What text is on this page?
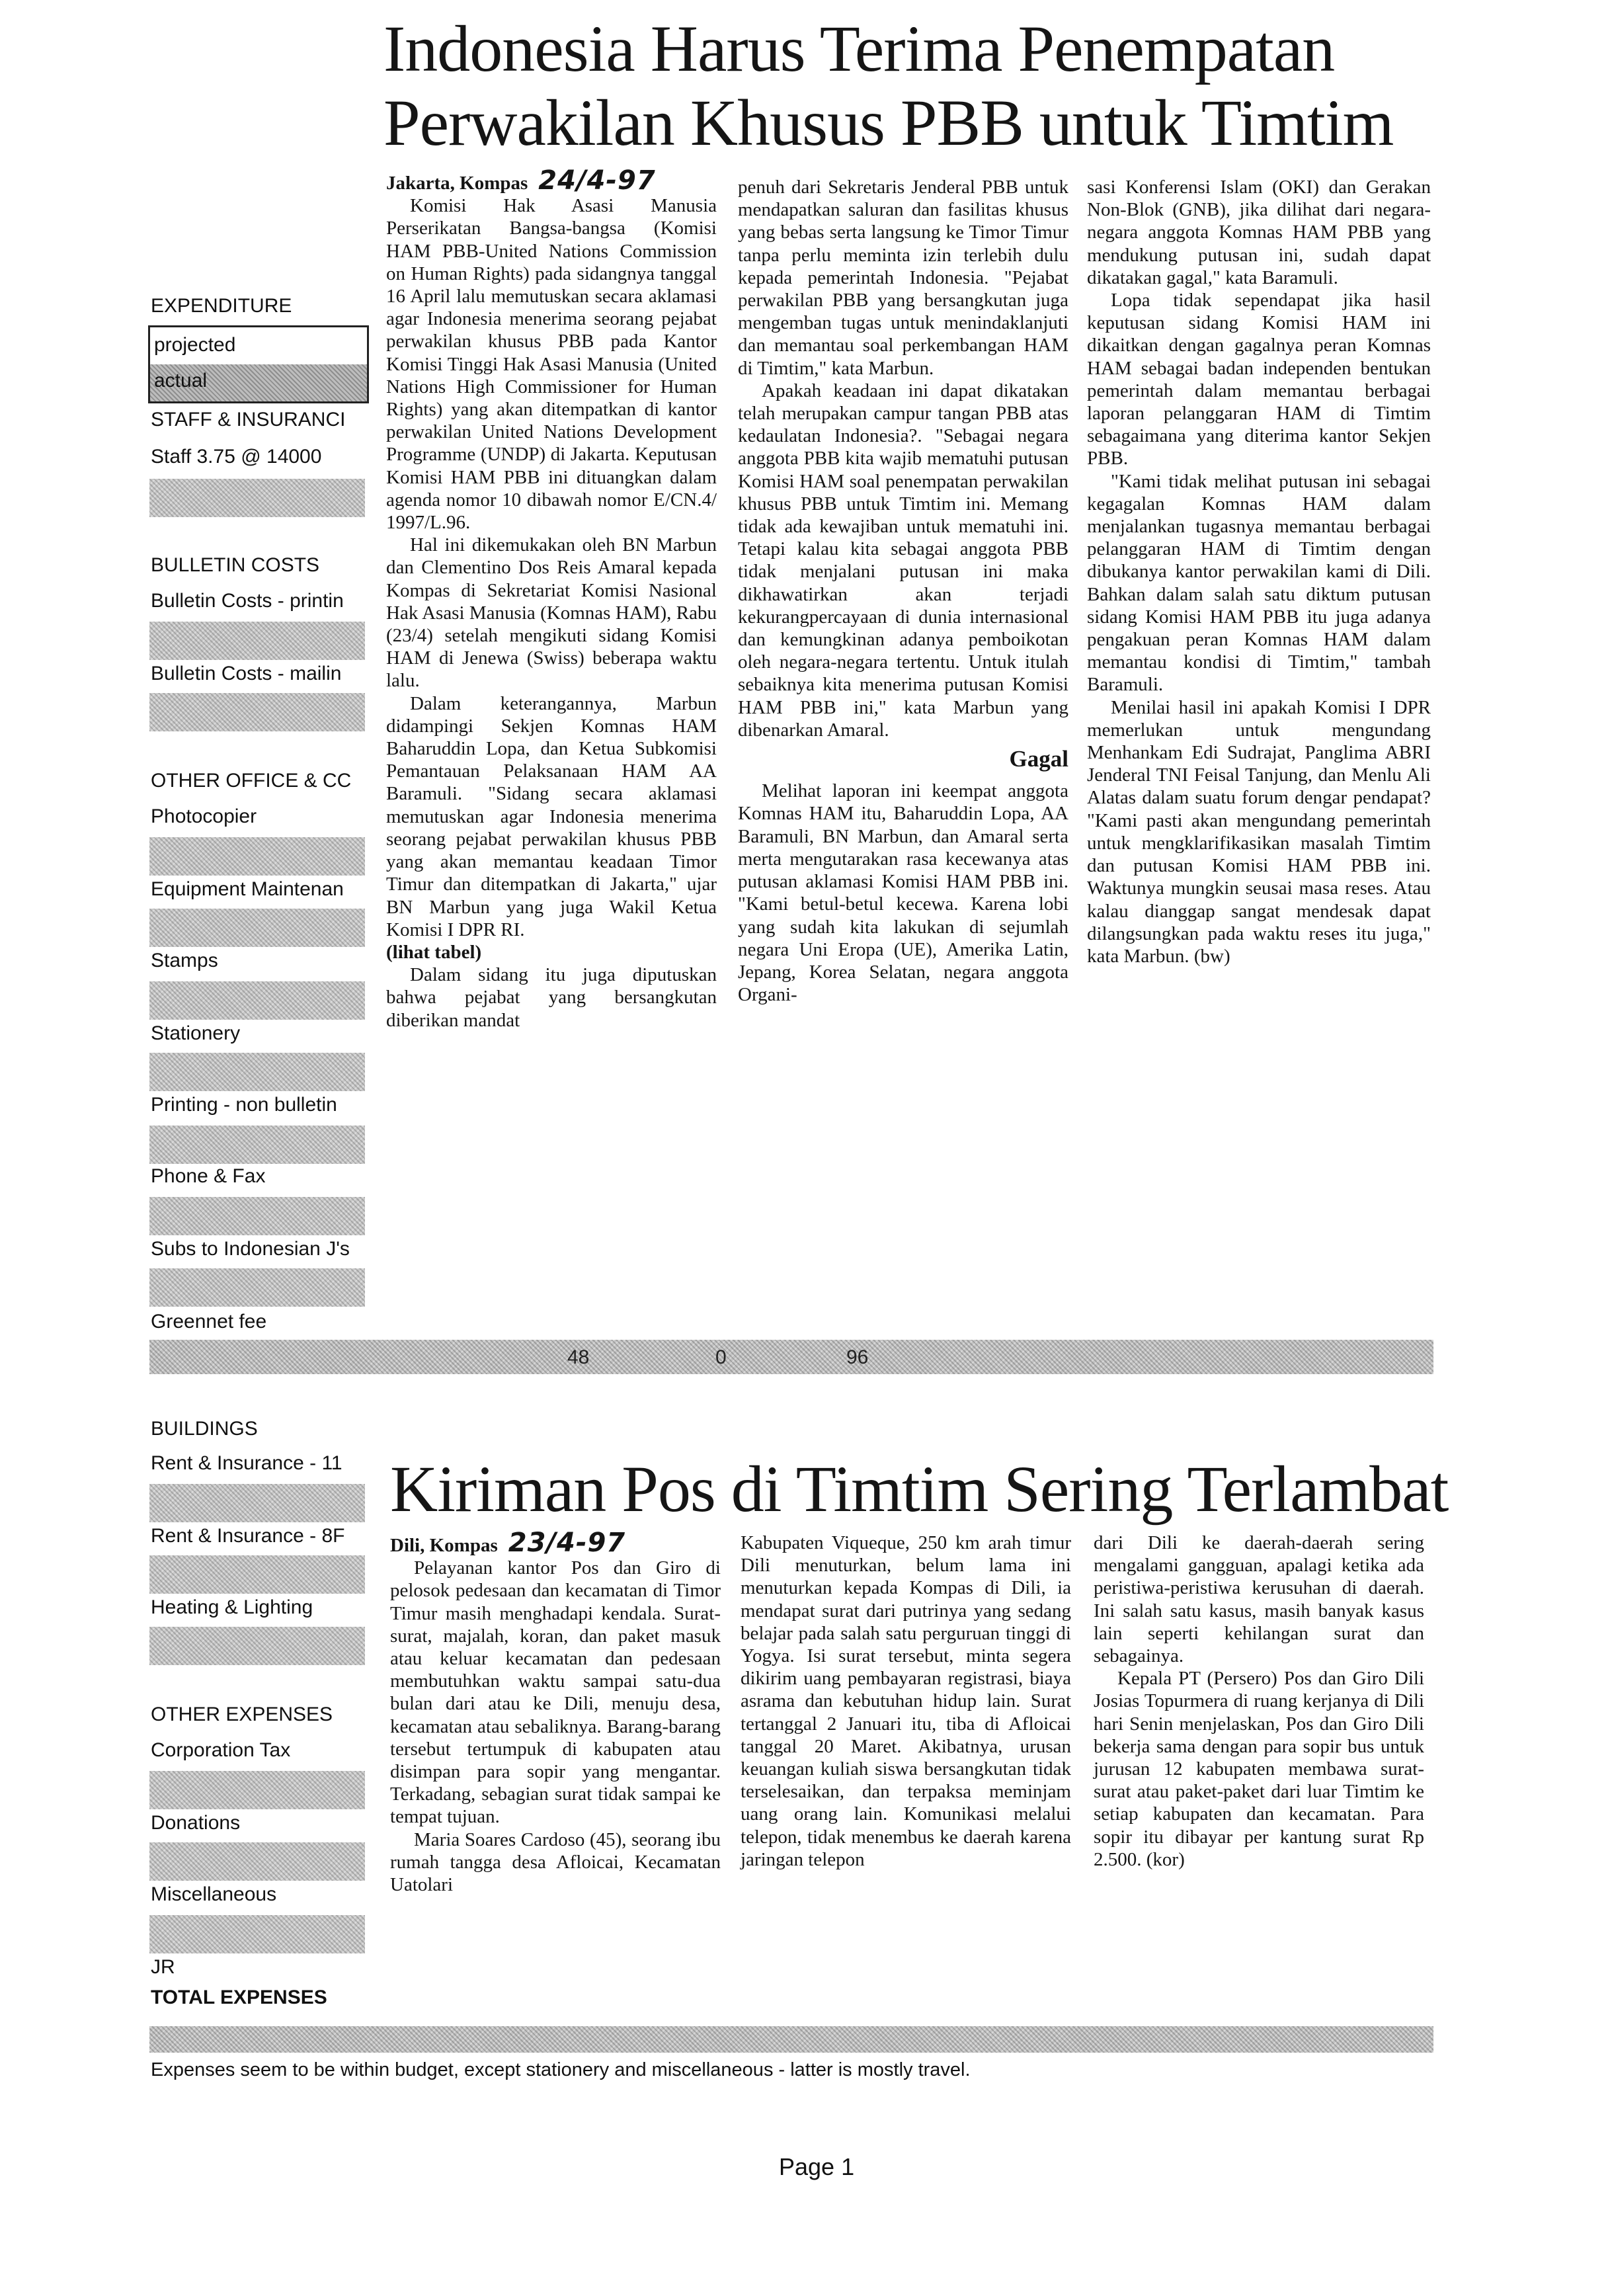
EXPENDITURE
projected
actual
STAFF & INSURANCI
Staff 3.75 @ 14000
BULLETIN COSTS
Bulletin Costs - printin
Bulletin Costs - mailin
OTHER OFFICE & CC
Photocopier
Equipment Maintenan
Stamps
Stationery
Printing - non bulletin
Phone & Fax
Subs to Indonesian J's
Greennet fee
48	0	96
BUILDINGS
Rent & Insurance - 11
Rent & Insurance - 8F
Heating & Lighting
OTHER EXPENSES
Corporation Tax
Donations
Miscellaneous
JR
TOTAL EXPENSES
Expenses seem to be within budget, except stationery and miscellaneous - latter is mostly travel.
Page 1
Indonesia Harus Terima Penempatan
Perwakilan Khusus PBB untuk Timtim

Jakarta, Kompas 24/4-97

Komisi Hak Asasi Manusia Perserikatan Bangsa-bangsa (Komisi HAM PBB-United Nations Commission on Human Rights) pada sidangnya tanggal 16 April lalu memutuskan secara aklamasi agar Indonesia menerima seorang pejabat perwakilan khusus PBB pada Kantor Komisi Tinggi Hak Asasi Manusia (United Nations High Commissioner for Human Rights) yang akan ditempatkan di kantor perwakilan United Nations Development Programme (UNDP) di Jakarta. Keputusan Komisi HAM PBB ini dituangkan dalam agenda nomor 10 dibawah nomor E/CN.4/ 1997/L.96.

Hal ini dikemukakan oleh BN Marbun dan Clementino Dos Reis Amaral kepada Kompas di Sekretariat Komisi Nasional Hak Asasi Manusia (Komnas HAM), Rabu (23/4) setelah mengikuti sidang Komisi HAM di Jenewa (Swiss) beberapa waktu lalu.

Dalam keterangannya, Marbun didampingi Sekjen Komnas HAM Baharuddin Lopa, dan Ketua Subkomisi Pemantauan Pelaksanaan HAM AA Baramuli. "Sidang secara aklamasi memutuskan agar Indonesia menerima seorang pejabat perwakilan khusus PBB yang akan memantau keadaan Timor Timur dan ditempatkan di Jakarta," ujar BN Marbun yang juga Wakil Ketua Komisi I DPR RI.

(lihat tabel)

Dalam sidang itu juga diputuskan bahwa pejabat yang bersangkutan diberikan mandat

penuh dari Sekretaris Jenderal PBB untuk mendapatkan saluran dan fasilitas khusus yang bebas serta langsung ke Timor Timur tanpa perlu meminta izin terlebih dulu kepada pemerintah Indonesia. "Pejabat perwakilan PBB yang bersangkutan juga mengemban tugas untuk menindaklanjuti dan memantau soal perkembangan HAM di Timtim," kata Marbun.

Apakah keadaan ini dapat dikatakan telah merupakan campur tangan PBB atas kedaulatan Indonesia?. "Sebagai negara anggota PBB kita wajib mematuhi putusan Komisi HAM soal penempatan perwakilan khusus PBB untuk Timtim ini. Memang tidak ada kewajiban untuk mematuhi ini. Tetapi kalau kita sebagai anggota PBB tidak menjalani putusan ini maka dikhawatirkan akan terjadi kekurangpercayaan di dunia internasional dan kemungkinan adanya pemboikotan oleh negara-negara tertentu. Untuk itulah sebaiknya kita menerima putusan Komisi HAM PBB ini," kata Marbun yang dibenarkan Amaral.

Gagal

Melihat laporan ini keempat anggota Komnas HAM itu, Baharuddin Lopa, AA Baramuli, BN Marbun, dan Amaral serta merta mengutarakan rasa kecewanya atas putusan aklamasi Komisi HAM PBB ini. "Kami betul-betul kecewa. Karena lobi yang sudah kita lakukan di sejumlah negara Uni Eropa (UE), Amerika Latin, Jepang, Korea Selatan, negara anggota Organi-

sasi Konferensi Islam (OKI) dan Gerakan Non-Blok (GNB), jika dilihat dari negara-negara anggota Komnas HAM PBB yang mendukung putusan ini, sudah dapat dikatakan gagal," kata Baramuli.

Lopa tidak sependapat jika hasil keputusan sidang Komisi HAM ini dikaitkan dengan gagalnya peran Komnas HAM sebagai badan independen bentukan pemerintah dalam memantau berbagai laporan pelanggaran HAM di Timtim sebagaimana yang diterima kantor Sekjen PBB.

"Kami tidak melihat putusan ini sebagai kegagalan Komnas HAM dalam menjalankan tugasnya memantau berbagai pelanggaran HAM di Timtim dengan dibukanya kantor perwakilan kami di Dili. Bahkan dalam salah satu diktum putusan sidang Komisi HAM PBB itu juga adanya pengakuan peran Komnas HAM dalam memantau kondisi di Timtim," tambah Baramuli.

Menilai hasil ini apakah Komisi I DPR memerlukan untuk mengundang Menhankam Edi Sudrajat, Panglima ABRI Jenderal TNI Feisal Tanjung, dan Menlu Ali Alatas dalam suatu forum dengar pendapat? "Kami pasti akan mengundang pemerintah untuk mengklarifikasikan masalah Timtim dan putusan Komisi HAM PBB ini. Waktunya mungkin seusai masa reses. Atau kalau dianggap sangat mendesak dapat dilangsungkan pada waktu reses itu juga," kata Marbun. (bw)

Kiriman Pos di Timtim Sering Terlambat

Dili, Kompas 23/4-97

Pelayanan kantor Pos dan Giro di pelosok pedesaan dan kecamatan di Timor Timur masih menghadapi kendala. Surat-surat, majalah, koran, dan paket masuk atau keluar kecamatan dan pedesaan membutuhkan waktu sampai satu-dua bulan dari atau ke Dili, menuju desa, kecamatan atau sebaliknya. Barang-barang tersebut tertumpuk di kabupaten atau disimpan para sopir yang mengantar. Terkadang, sebagian surat tidak sampai ke tempat tujuan.

Maria Soares Cardoso (45), seorang ibu rumah tangga desa Afloicai, Kecamatan Uatolari

Kabupaten Viqueque, 250 km arah timur Dili menuturkan, belum lama ini menuturkan kepada Kompas di Dili, ia mendapat surat dari putrinya yang sedang belajar pada salah satu perguruan tinggi di Yogya. Isi surat tersebut, minta segera dikirim uang pembayaran registrasi, biaya asrama dan kebutuhan hidup lain. Surat tertanggal 2 Januari itu, tiba di Afloicai tanggal 20 Maret. Akibatnya, urusan keuangan kuliah siswa bersangkutan tidak terselesaikan, dan terpaksa meminjam uang orang lain. Komunikasi melalui telepon, tidak menembus ke daerah karena jaringan telepon

dari Dili ke daerah-daerah sering mengalami gangguan, apalagi ketika ada peristiwa-peristiwa kerusuhan di daerah. Ini salah satu kasus, masih banyak kasus lain seperti kehilangan surat dan sebagainya.

Kepala PT (Persero) Pos dan Giro Dili Josias Topurmera di ruang kerjanya di Dili hari Senin menjelaskan, Pos dan Giro Dili bekerja sama dengan para sopir bus untuk jurusan 12 kabupaten membawa surat-surat atau paket-paket dari luar Timtim ke setiap kabupaten dan kecamatan. Para sopir itu dibayar per kantung surat Rp 2.500. (kor)
